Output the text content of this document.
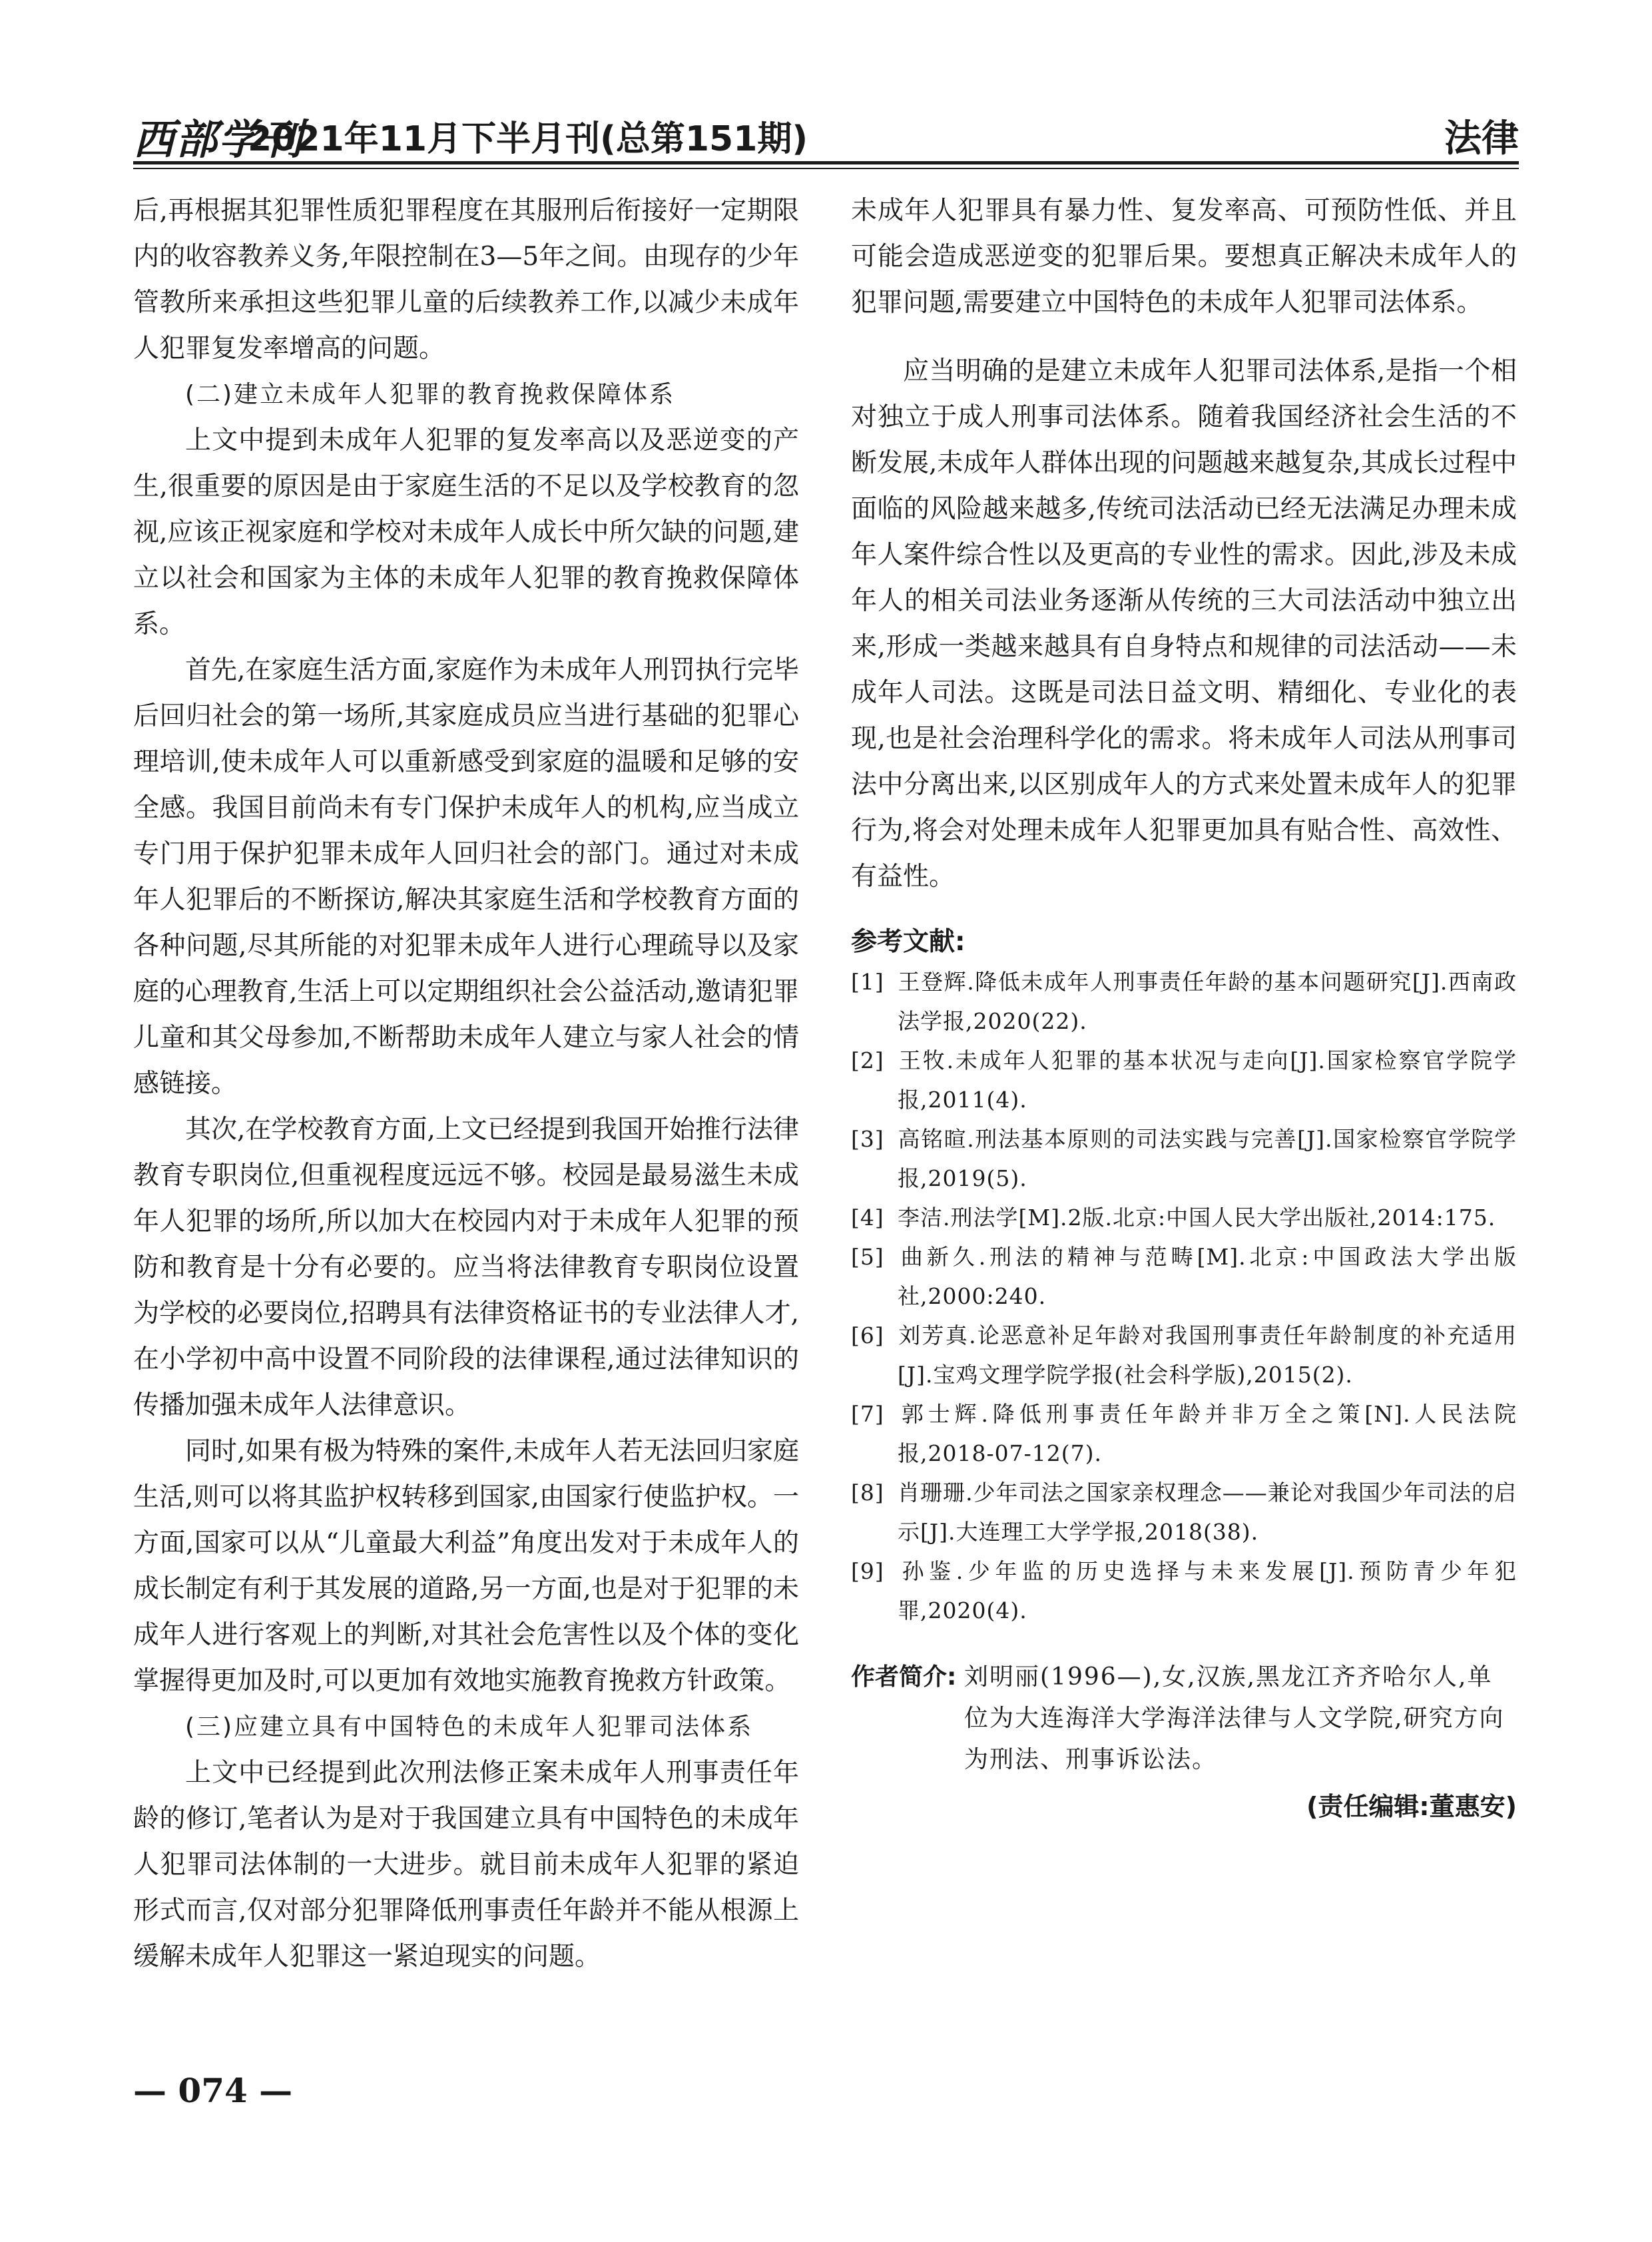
西部学刊
2021年11月下半月刊(总第151期)	法律

后,再根据其犯罪性质犯罪程度在其服刑后衔接好一定期限内的收容教养义务,年限控制在3—5年之间。由现存的少年管教所来承担这些犯罪儿童的后续教养工作,以减少未成年人犯罪复发率增高的问题。

(二)建立未成年人犯罪的教育挽救保障体系

上文中提到未成年人犯罪的复发率高以及恶逆变的产生,很重要的原因是由于家庭生活的不足以及学校教育的忽视,应该正视家庭和学校对未成年人成长中所欠缺的问题,建立以社会和国家为主体的未成年人犯罪的教育挽救保障体系。

首先,在家庭生活方面,家庭作为未成年人刑罚执行完毕后回归社会的第一场所,其家庭成员应当进行基础的犯罪心理培训,使未成年人可以重新感受到家庭的温暖和足够的安全感。我国目前尚未有专门保护未成年人的机构,应当成立专门用于保护犯罪未成年人回归社会的部门。通过对未成年人犯罪后的不断探访,解决其家庭生活和学校教育方面的各种问题,尽其所能的对犯罪未成年人进行心理疏导以及家庭的心理教育,生活上可以定期组织社会公益活动,邀请犯罪儿童和其父母参加,不断帮助未成年人建立与家人社会的情感链接。

其次,在学校教育方面,上文已经提到我国开始推行法律教育专职岗位,但重视程度远远不够。校园是最易滋生未成年人犯罪的场所,所以加大在校园内对于未成年人犯罪的预防和教育是十分有必要的。应当将法律教育专职岗位设置为学校的必要岗位,招聘具有法律资格证书的专业法律人才,在小学初中高中设置不同阶段的法律课程,通过法律知识的传播加强未成年人法律意识。

同时,如果有极为特殊的案件,未成年人若无法回归家庭生活,则可以将其监护权转移到国家,由国家行使监护权。一方面,国家可以从“儿童最大利益”角度出发对于未成年人的成长制定有利于其发展的道路,另一方面,也是对于犯罪的未成年人进行客观上的判断,对其社会危害性以及个体的变化掌握得更加及时,可以更加有效地实施教育挽救方针政策。

(三)应建立具有中国特色的未成年人犯罪司法体系

上文中已经提到此次刑法修正案未成年人刑事责任年龄的修订,笔者认为是对于我国建立具有中国特色的未成年人犯罪司法体制的一大进步。就目前未成年人犯罪的紧迫形式而言,仅对部分犯罪降低刑事责任年龄并不能从根源上缓解未成年人犯罪这一紧迫现实的问题。

未成年人犯罪具有暴力性、复发率高、可预防性低、并且可能会造成恶逆变的犯罪后果。要想真正解决未成年人的犯罪问题,需要建立中国特色的未成年人犯罪司法体系。

应当明确的是建立未成年人犯罪司法体系,是指一个相对独立于成人刑事司法体系。随着我国经济社会生活的不断发展,未成年人群体出现的问题越来越复杂,其成长过程中面临的风险越来越多,传统司法活动已经无法满足办理未成年人案件综合性以及更高的专业性的需求。因此,涉及未成年人的相关司法业务逐渐从传统的三大司法活动中独立出来,形成一类越来越具有自身特点和规律的司法活动——未成年人司法。这既是司法日益文明、精细化、专业化的表现,也是社会治理科学化的需求。将未成年人司法从刑事司法中分离出来,以区别成年人的方式来处置未成年人的犯罪行为,将会对处理未成年人犯罪更加具有贴合性、高效性、有益性。

参考文献:

[1] 王登辉.降低未成年人刑事责任年龄的基本问题研究[J].西南政法学报,2020(22).

[2] 王牧.未成年人犯罪的基本状况与走向[J].国家检察官学院学报,2011(4).

[3] 高铭暄.刑法基本原则的司法实践与完善[J].国家检察官学院学报,2019(5).

[4] 李洁.刑法学[M].2版.北京:中国人民大学出版社,2014:175.

[5] 曲新久.刑法的精神与范畴[M].北京:中国政法大学出版社,2000:240.

[6] 刘芳真.论恶意补足年龄对我国刑事责任年龄制度的补充适用[J].宝鸡文理学院学报(社会科学版),2015(2).

[7] 郭士辉.降低刑事责任年龄并非万全之策[N].人民法院报,2018-07-12(7).

[8] 肖珊珊.少年司法之国家亲权理念——兼论对我国少年司法的启示[J].大连理工大学学报,2018(38).

[9] 孙鉴.少年监的历史选择与未来发展[J].预防青少年犯罪,2020(4).

作者简介: 刘明丽(1996—),女,汉族,黑龙江齐齐哈尔人,单位为大连海洋大学海洋法律与人文学院,研究方向为刑法、刑事诉讼法。
(责任编辑:董惠安)
— 074 —
